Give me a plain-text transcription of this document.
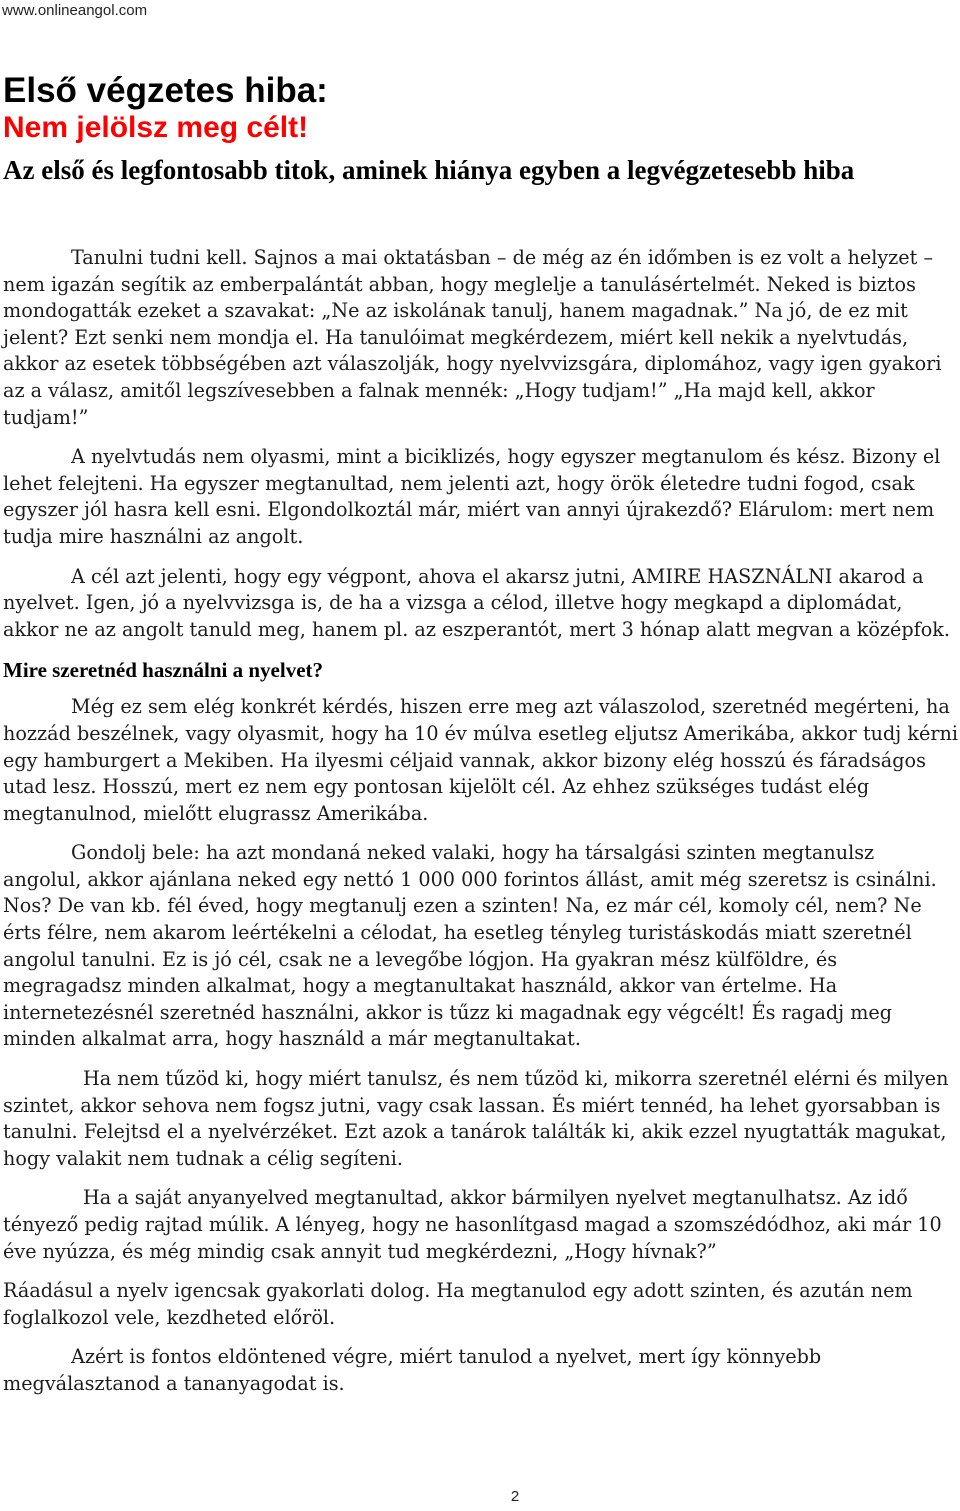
www.onlineangol.com
Első végzetes hiba:
Nem jelölsz meg célt!
Az első és legfontosabb titok, aminek hiánya egyben a legvégzetesebb hiba

Tanulni tudni kell. Sajnos a mai oktatásban – de még az én időmben is ez volt a helyzet – nem igazán segítik az emberpalántát abban, hogy meglelje a tanulásértelmét. Neked is biztos mondogatták ezeket a szavakat: „Ne az iskolának tanulj, hanem magadnak.” Na jó, de ez mit jelent? Ezt senki nem mondja el. Ha tanulóimat megkérdezem, miért kell nekik a nyelvtudás, akkor az esetek többségében azt válaszolják, hogy nyelvvizsgára, diplomához, vagy igen gyakori az a válasz, amitől legszívesebben a falnak mennék: „Hogy tudjam!” „Ha majd kell, akkor tudjam!”

A nyelvtudás nem olyasmi, mint a biciklizés, hogy egyszer megtanulom és kész. Bizony el lehet felejteni. Ha egyszer megtanultad, nem jelenti azt, hogy örök életedre tudni fogod, csak egyszer jól hasra kell esni. Elgondolkoztál már, miért van annyi újrakezdő? Elárulom: mert nem tudja mire használni az angolt.

A cél azt jelenti, hogy egy végpont, ahova el akarsz jutni, AMIRE HASZNÁLNI akarod a nyelvet. Igen, jó a nyelvvizsga is, de ha a vizsga a célod, illetve hogy megkapd a diplomádat, akkor ne az angolt tanuld meg, hanem pl. az eszperantót, mert 3 hónap alatt megvan a középfok.

Mire szeretnéd használni a nyelvet?

Még ez sem elég konkrét kérdés, hiszen erre meg azt válaszolod, szeretnéd megérteni, ha hozzád beszélnek, vagy olyasmit, hogy ha 10 év múlva esetleg eljutsz Amerikába, akkor tudj kérni egy hamburgert a Mekiben. Ha ilyesmi céljaid vannak, akkor bizony elég hosszú és fáradságos utad lesz. Hosszú, mert ez nem egy pontosan kijelölt cél. Az ehhez szükséges tudást elég megtanulnod, mielőtt elugrassz Amerikába.

Gondolj bele: ha azt mondaná neked valaki, hogy ha társalgási szinten megtanulsz angolul, akkor ajánlana neked egy nettó 1 000 000 forintos állást, amit még szeretsz is csinálni. Nos? De van kb. fél éved, hogy megtanulj ezen a szinten! Na, ez már cél, komoly cél, nem? Ne érts félre, nem akarom leértékelni a célodat, ha esetleg tényleg turistáskodás miatt szeretnél angolul tanulni. Ez is jó cél, csak ne a levegőbe lógjon. Ha gyakran mész külföldre, és megragadsz minden alkalmat, hogy a megtanultakat használd, akkor van értelme. Ha internetezésnél szeretnéd használni, akkor is tűzz ki magadnak egy végcélt! És ragadj meg minden alkalmat arra, hogy használd a már megtanultakat.

Ha nem tűzöd ki, hogy miért tanulsz, és nem tűzöd ki, mikorra szeretnél elérni és milyen szintet, akkor sehova nem fogsz jutni, vagy csak lassan. És miért tennéd, ha lehet gyorsabban is tanulni. Felejtsd el a nyelvérzéket. Ezt azok a tanárok találták ki, akik ezzel nyugtatták magukat, hogy valakit nem tudnak a célig segíteni.

Ha a saját anyanyelved megtanultad, akkor bármilyen nyelvet megtanulhatsz. Az idő tényező pedig rajtad múlik. A lényeg, hogy ne hasonlítgasd magad a szomszédódhoz, aki már 10 éve nyúzza, és még mindig csak annyit tud megkérdezni, „Hogy hívnak?”

Ráadásul a nyelv igencsak gyakorlati dolog. Ha megtanulod egy adott szinten, és azután nem foglalkozol vele, kezdheted előröl.

Azért is fontos eldöntened végre, miért tanulod a nyelvet, mert így könnyebb megválasztanod a tananyagodat is.

2
